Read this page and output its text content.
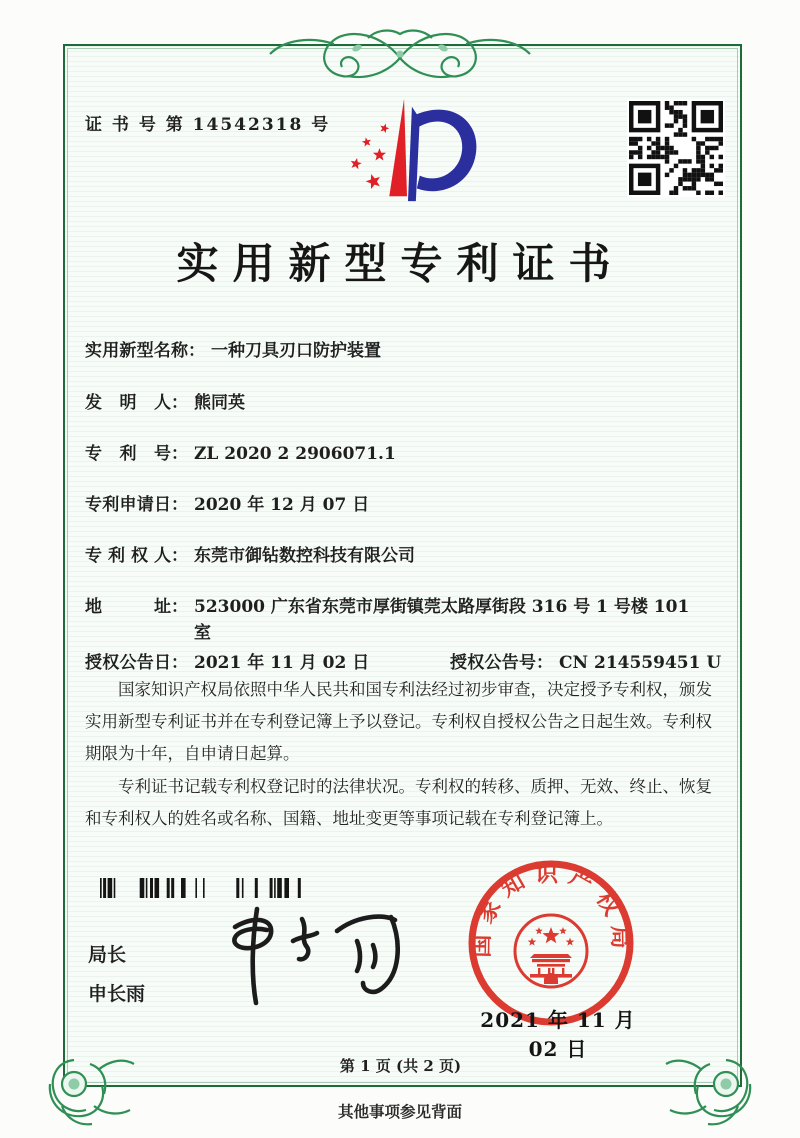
证 书 号 第 14542318 号
实用新型专利证书
实用新型名称： 一种刀具刃口防护装置
发明人： 熊同英
专利号： ZL 2020 2 2906071.1
专利申请日： 2020 年 12 月 07 日
专利权人： 东莞市御钻数控科技有限公司
地址： 523000 广东省东莞市厚街镇莞太路厚街段 316 号 1 号楼 101 室
授权公告日： 2021 年 11 月 02 日	授权公告号： CN 214559451 U

国家知识产权局依照中华人民共和国专利法经过初步审查，决定授予专利权，颁发实用新型专利证书并在专利登记簿上予以登记。专利权自授权公告之日起生效。专利权期限为十年，自申请日起算。

专利证书记载专利权登记时的法律状况。专利权的转移、质押、无效、终止、恢复和专利权人的姓名或名称、国籍、地址变更等事项记载在专利登记簿上。

局长
申长雨
国家知识产权局
2021 年 11 月 02 日
第 1 页 (共 2 页)
其他事项参见背面
